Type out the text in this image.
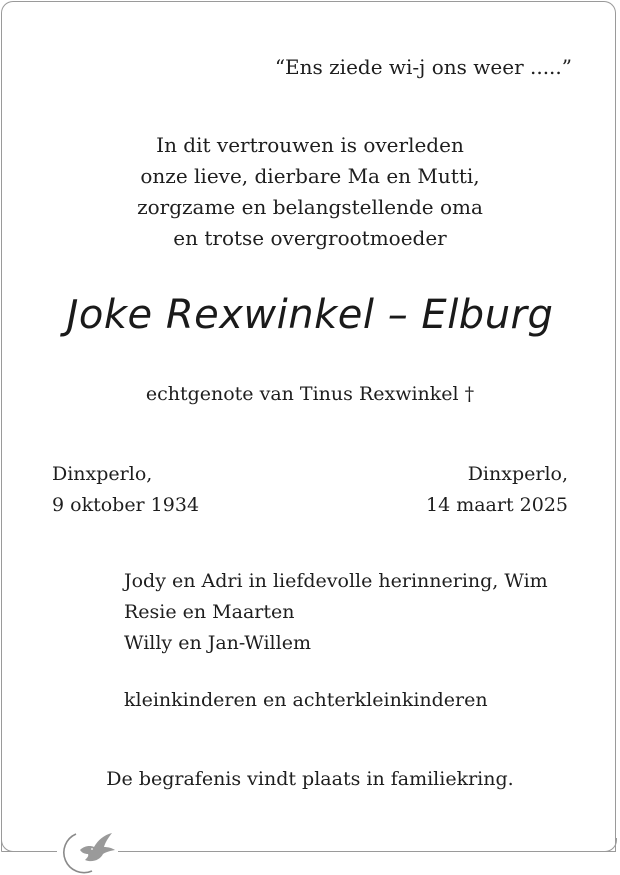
“Ens ziede wi-j ons weer .....”
In dit vertrouwen is overleden
onze lieve, dierbare Ma en Mutti,
zorgzame en belangstellende oma
en trotse overgrootmoeder
Joke Rexwinkel – Elburg
echtgenote van Tinus Rexwinkel †
Dinxperlo,
9 oktober 1934
Dinxperlo,
14 maart 2025
Jody en Adri in liefdevolle herinnering, Wim
Resie en Maarten
Willy en Jan-Willem
kleinkinderen en achterkleinkinderen
De begrafenis vindt plaats in familiekring.
